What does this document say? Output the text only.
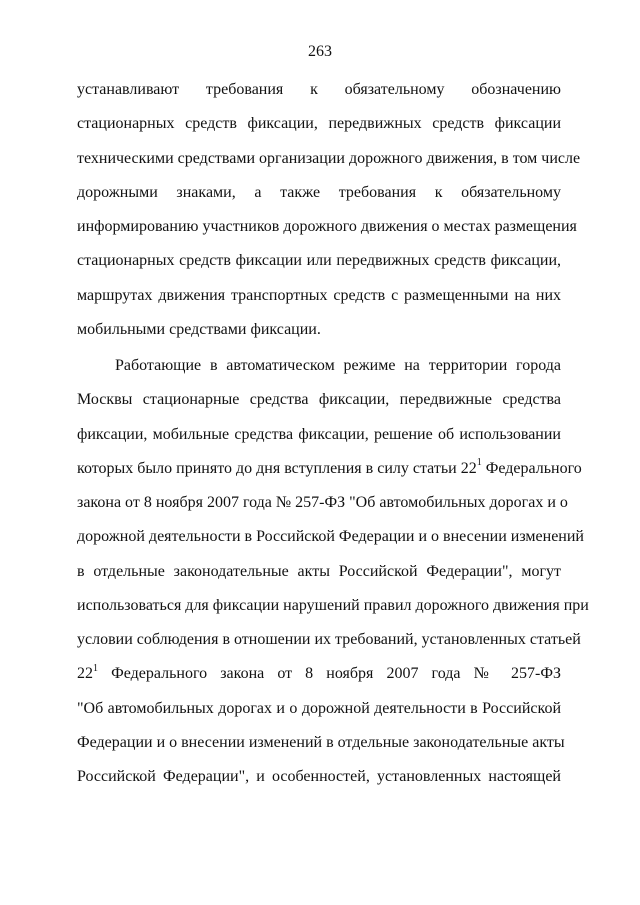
263
устанавливают требования к обязательному обозначению
стационарных средств фиксации, передвижных средств фиксации
техническими средствами организации дорожного движения, в том числе
дорожными знаками, а также требования к обязательному
информированию участников дорожного движения о местах размещения
стационарных средств фиксации или передвижных средств фиксации,
маршрутах движения транспортных средств с размещенными на них
мобильными средствами фиксации.
Работающие в автоматическом режиме на территории города
Москвы стационарные средства фиксации, передвижные средства
фиксации, мобильные средства фиксации, решение об использовании
которых было принято до дня вступления в силу статьи $22^1$ Федерального
закона от 8 ноября 2007 года № 257-ФЗ "Об автомобильных дорогах и о
дорожной деятельности в Российской Федерации и о внесении изменений
в отдельные законодательные акты Российской Федерации", могут
использоваться для фиксации нарушений правил дорожного движения при
условии соблюдения в отношении их требований, установленных статьей
$22^1$ Федерального закона от 8 ноября 2007 года № 257-ФЗ
"Об автомобильных дорогах и о дорожной деятельности в Российской
Федерации и о внесении изменений в отдельные законодательные акты
Российской Федерации", и особенностей, установленных настоящей
